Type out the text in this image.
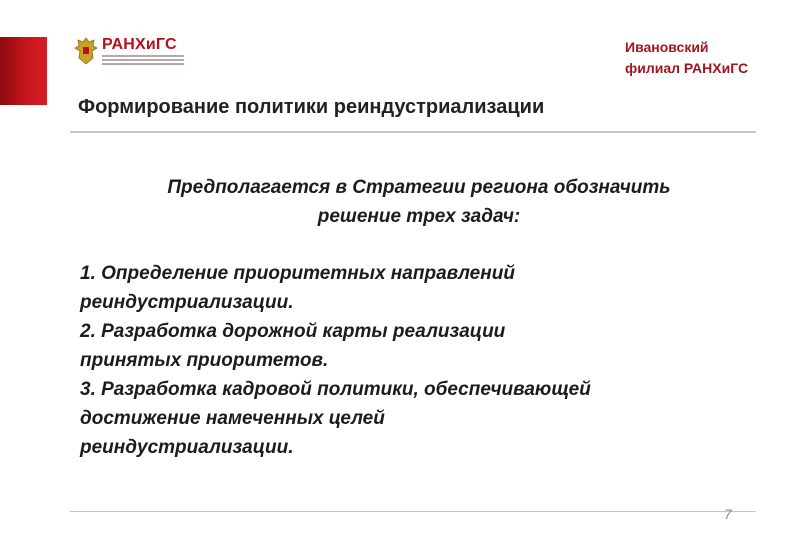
РАНХиГС	Ивановский
филиал РАНХиГС
Формирование политики реиндустриализации
Предполагается в Стратегии региона обозначить
решение трех задач:
1. Определение приоритетных направлений
реиндустриализации.
2. Разработка дорожной карты реализации
принятых приоритетов.
3. Разработка кадровой политики, обеспечивающей
достижение намеченных целей
реиндустриализации.
7
